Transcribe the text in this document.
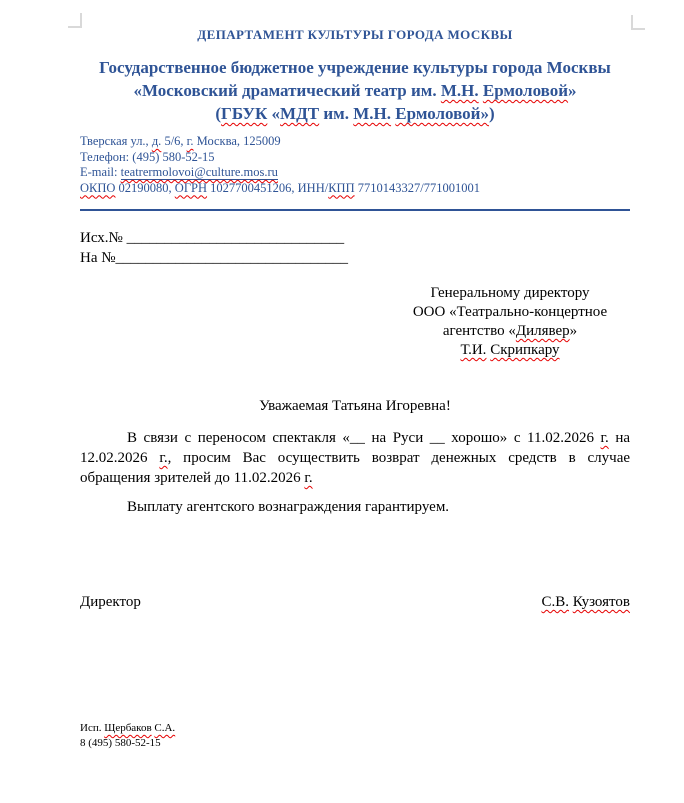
ДЕПАРТАМЕНТ КУЛЬТУРЫ ГОРОДА МОСКВЫ
Государственное бюджетное учреждение культуры города Москвы
«Московский драматический театр им. М.Н. Ермоловой»
(ГБУК «МДТ им. М.Н. Ермоловой»)
Тверская ул., д. 5/6, г. Москва, 125009
Телефон: (495) 580-52-15
E-mail: teatrermolovoi@culture.mos.ru
ОКПО 02190080, ОГРН 1027700451206, ИНН/КПП 7710143327/771001001
Исх.№ _____________________________
На №_______________________________
Генеральному директору
ООО «Театрально-концертное
агентство «Дилявер»
Т.И. Скрипкару
Уважаемая Татьяна Игоревна!
В связи с переносом спектакля «__ на Руси __ хорошо» с 11.02.2026 г. на 12.02.2026 г., просим Вас осуществить возврат денежных средств в случае обращения зрителей до 11.02.2026 г.
Выплату агентского вознаграждения гарантируем.
Директор	С.В. Кузоятов
Исп. Щербаков С.А.
8 (495) 580-52-15
